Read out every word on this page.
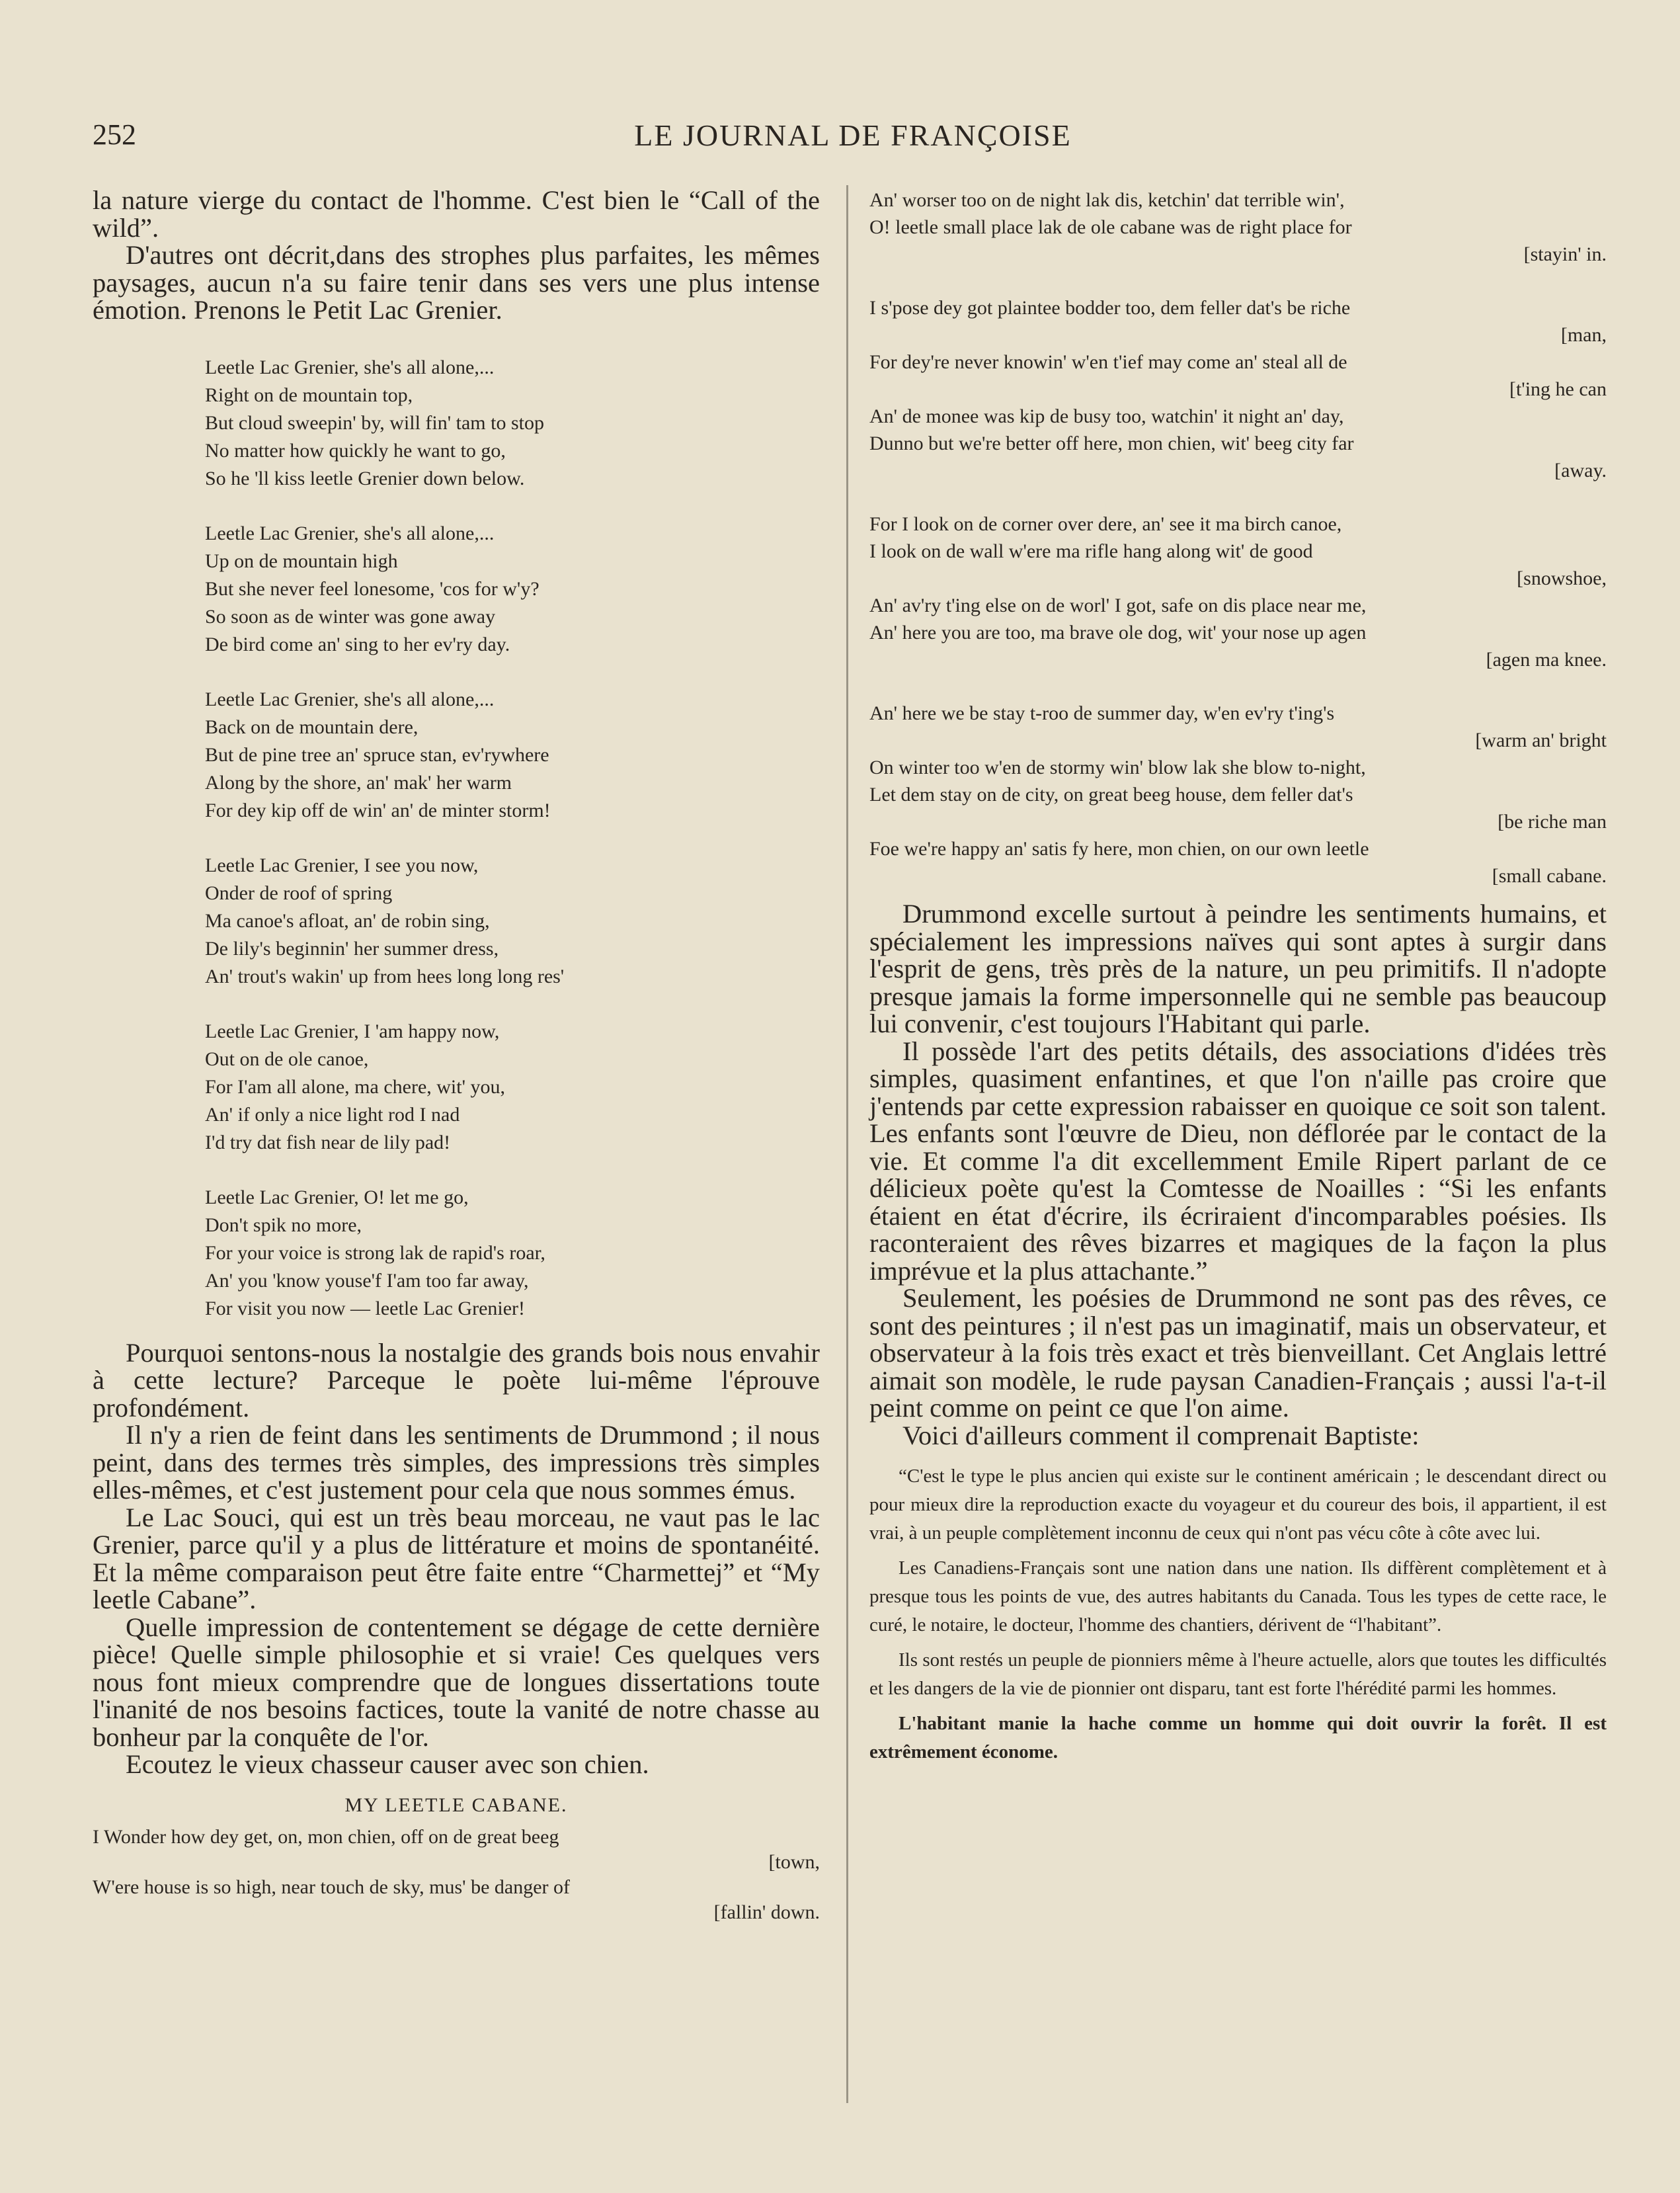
252	LE JOURNAL DE FRANÇOISE

la nature vierge du contact de l'homme. C'est bien le “Call of the wild”.

D'autres ont décrit,dans des strophes plus parfaites, les mêmes paysages, aucun n'a su faire tenir dans ses vers une plus intense émotion. Prenons le Petit Lac Grenier.

Leetle Lac Grenier, she's all alone,...
Right on de mountain top,
But cloud sweepin' by, will fin' tam to stop
No matter how quickly he want to go,
So he 'll kiss leetle Grenier down below.
Leetle Lac Grenier, she's all alone,...
Up on de mountain high
But she never feel lonesome, 'cos for w'y?
So soon as de winter was gone away
De bird come an' sing to her ev'ry day.
Leetle Lac Grenier, she's all alone,...
Back on de mountain dere,
But de pine tree an' spruce stan, ev'rywhere
Along by the shore, an' mak' her warm
For dey kip off de win' an' de minter storm!
Leetle Lac Grenier, I see you now,
Onder de roof of spring
Ma canoe's afloat, an' de robin sing,
De lily's beginnin' her summer dress,
An' trout's wakin' up from hees long long res'
Leetle Lac Grenier, I 'am happy now,
Out on de ole canoe,
For I'am all alone, ma chere, wit' you,
An' if only a nice light rod I nad
I'd try dat fish near de lily pad!
Leetle Lac Grenier, O! let me go,
Don't spik no more,
For your voice is strong lak de rapid's roar,
An' you 'know youse'f I'am too far away,
For visit you now — leetle Lac Grenier!

Pourquoi sentons-nous la nostalgie des grands bois nous envahir à cette lecture? Parceque le poète lui-même l'éprouve profondément.

Il n'y a rien de feint dans les sentiments de Drummond ; il nous peint, dans des termes très simples, des impressions très simples elles-mêmes, et c'est justement pour cela que nous sommes émus.

Le Lac Souci, qui est un très beau morceau, ne vaut pas le lac Grenier, parce qu'il y a plus de littérature et moins de spontanéité. Et la même comparaison peut être faite entre “Charmettej” et “My leetle Cabane”.

Quelle impression de contentement se dégage de cette dernière pièce! Quelle simple philosophie et si vraie! Ces quelques vers nous font mieux comprendre que de longues dissertations toute l'inanité de nos besoins factices, toute la vanité de notre chasse au bonheur par la conquête de l'or.

Ecoutez le vieux chasseur causer avec son chien.

MY LEETLE CABANE.

I Wonder how dey get, on, mon chien, off on de great beeg
[town,
W'ere house is so high, near touch de sky, mus' be danger of
[fallin' down.
An' worser too on de night lak dis, ketchin' dat terrible win',
O! leetle small place lak de ole cabane was de right place for
[stayin' in.
I s'pose dey got plaintee bodder too, dem feller dat's be riche
[man,
For dey're never knowin' w'en t'ief may come an' steal all de
[t'ing he can
An' de monee was kip de busy too, watchin' it night an' day,
Dunno but we're better off here, mon chien, wit' beeg city far
[away.
For I look on de corner over dere, an' see it ma birch canoe,
I look on de wall w'ere ma rifle hang along wit' de good
[snowshoe,
An' av'ry t'ing else on de worl' I got, safe on dis place near me,
An' here you are too, ma brave ole dog, wit' your nose up agen
[agen ma knee.
An' here we be stay t-roo de summer day, w'en ev'ry t'ing's
[warm an' bright
On winter too w'en de stormy win' blow lak she blow to-night,
Let dem stay on de city, on great beeg house, dem feller dat's
[be riche man
Foe we're happy an' satis fy here, mon chien, on our own leetle
[small cabane.

Drummond excelle surtout à peindre les sentiments humains, et spécialement les impressions naïves qui sont aptes à surgir dans l'esprit de gens, très près de la nature, un peu primitifs. Il n'adopte presque jamais la forme impersonnelle qui ne semble pas beaucoup lui convenir, c'est toujours l'Habitant qui parle.

Il possède l'art des petits détails, des associations d'idées très simples, quasiment enfantines, et que l'on n'aille pas croire que j'entends par cette expression rabaisser en quoique ce soit son talent. Les enfants sont l'œuvre de Dieu, non déflorée par le contact de la vie. Et comme l'a dit excellemment Emile Ripert parlant de ce délicieux poète qu'est la Comtesse de Noailles : “Si les enfants étaient en état d'écrire, ils écriraient d'incomparables poésies. Ils raconteraient des rêves bizarres et magiques de la façon la plus imprévue et la plus attachante.”

Seulement, les poésies de Drummond ne sont pas des rêves, ce sont des peintures ; il n'est pas un imaginatif, mais un observateur, et observateur à la fois très exact et très bienveillant. Cet Anglais lettré aimait son modèle, le rude paysan Canadien-Français ; aussi l'a-t-il peint comme on peint ce que l'on aime.

Voici d'ailleurs comment il comprenait Baptiste:

“C'est le type le plus ancien qui existe sur le continent américain ; le descendant direct ou pour mieux dire la reproduction exacte du voyageur et du coureur des bois, il appartient, il est vrai, à un peuple complètement inconnu de ceux qui n'ont pas vécu côte à côte avec lui.

Les Canadiens-Français sont une nation dans une nation. Ils diffèrent complètement et à presque tous les points de vue, des autres habitants du Canada. Tous les types de cette race, le curé, le notaire, le docteur, l'homme des chantiers, dérivent de “l'habitant”.

Ils sont restés un peuple de pionniers même à l'heure actuelle, alors que toutes les difficultés et les dangers de la vie de pionnier ont disparu, tant est forte l'hérédité parmi les hommes.

L'habitant manie la hache comme un homme qui doit ouvrir la forêt. Il est extrêmement économe.
